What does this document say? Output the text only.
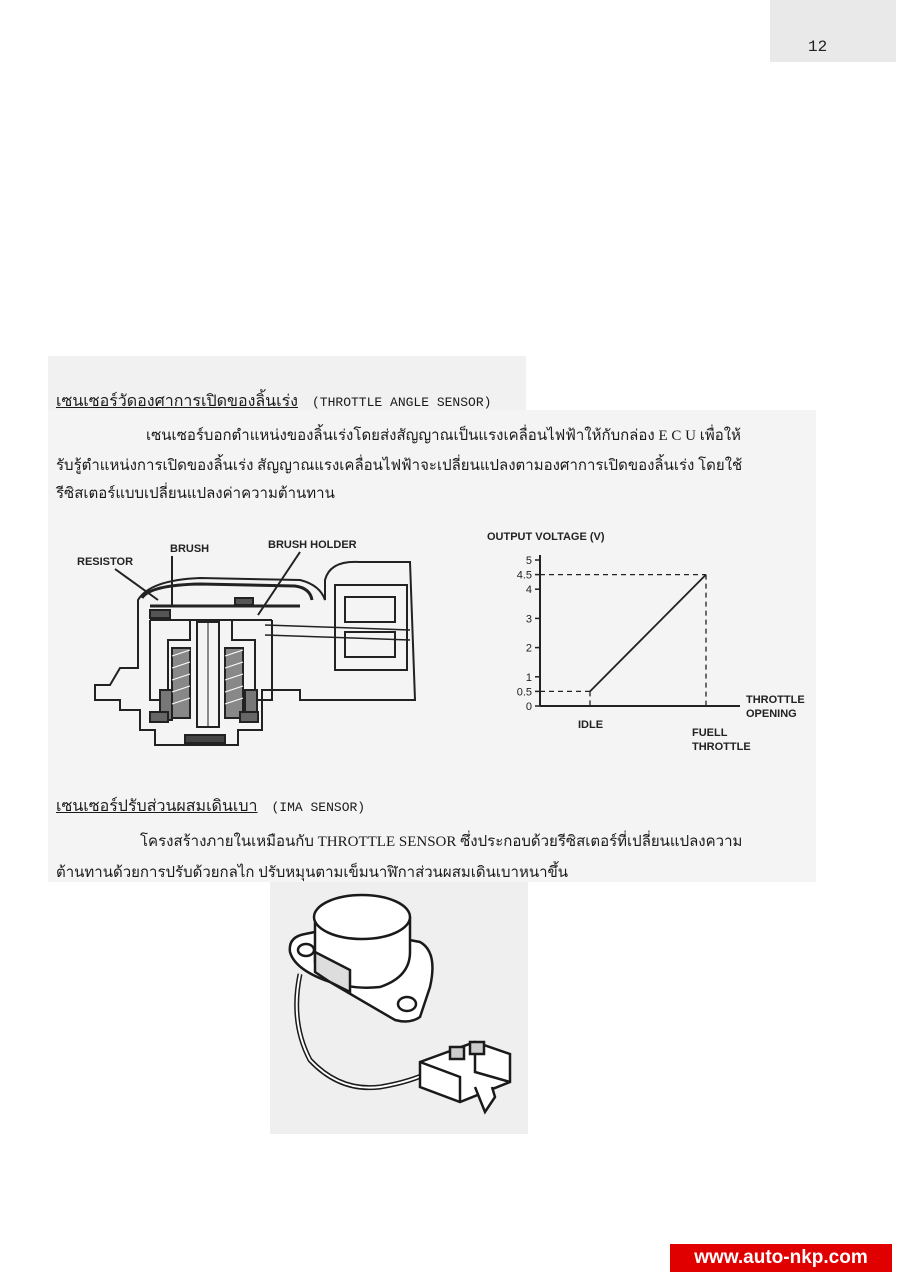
12
เซนเซอร์วัดองศาการเปิดของลิ้นเร่ง (THROTTLE ANGLE SENSOR)
เซนเซอร์บอกตำแหน่งของลิ้นเร่งโดยส่งสัญญาณเป็นแรงเคลื่อนไฟฟ้าให้กับกล่อง E C U เพื่อให้
รับรู้ตำแหน่งการเปิดของลิ้นเร่ง สัญญาณแรงเคลื่อนไฟฟ้าจะเปลี่ยนแปลงตามองศาการเปิดของลิ้นเร่ง โดยใช้
รีซิสเตอร์แบบเปลี่ยนแปลงค่าความต้านทาน
RESISTOR
BRUSH	BRUSH HOLDER
OUTPUT VOLTAGE (V)
0
0.5
1
2
3
4
4.5
5
IDLE
FUELL
THROTTLE
THROTTLE
OPENING
เซนเซอร์ปรับส่วนผสมเดินเบา (IMA SENSOR)
โครงสร้างภายในเหมือนกับ THROTTLE SENSOR ซึ่งประกอบด้วยรีซิสเตอร์ที่เปลี่ยนแปลงความ
ต้านทานด้วยการปรับด้วยกลไก ปรับหมุนตามเข็มนาฬิกาส่วนผสมเดินเบาหนาขึ้น
www.auto-nkp.com
